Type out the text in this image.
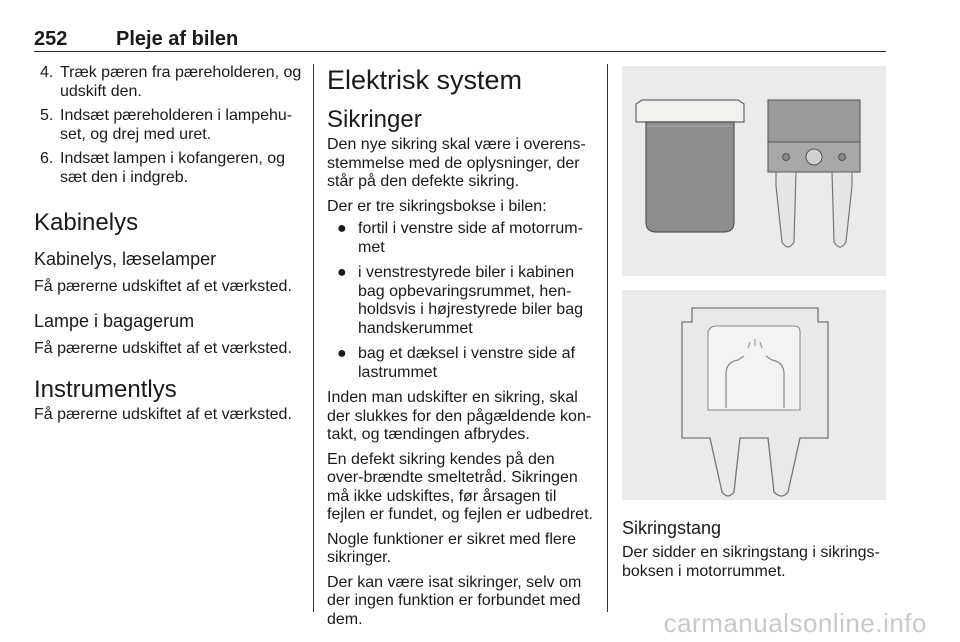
252 Pleje af bilen
4. Træk pæren fra pæreholderen, og udskift den.
5. Indsæt pæreholderen i lampehu-set, og drej med uret.
6. Indsæt lampen i kofangeren, og sæt den i indgreb.
Kabinelys
Kabinelys, læselamper

Få pærerne udskiftet af et værksted.

Lampe i bagagerum

Få pærerne udskiftet af et værksted.

Instrumentlys

Få pærerne udskiftet af et værksted.

Elektrisk system
Sikringer

Den nye sikring skal være i overens-stemmelse med de oplysninger, der står på den defekte sikring.

Der er tre sikringsbokse i bilen:

● fortil i venstre side af motorrum-met
● i venstrestyrede biler i kabinen bag opbevaringsrummet, hen-holdsvis i højrestyrede biler bag handskerummet
● bag et dæksel i venstre side af lastrummet

Inden man udskifter en sikring, skal der slukkes for den pågældende kon-takt, og tændingen afbrydes.

En defekt sikring kendes på den over-brændte smeltetråd. Sikringen må ikke udskiftes, før årsagen til fejlen er fundet, og fejlen er udbedret.

Nogle funktioner er sikret med flere sikringer.

Der kan være isat sikringer, selv om der ingen funktion er forbundet med dem.

Sikringstang

Der sidder en sikringstang i sikrings-boksen i motorrummet.

carmanualsonline.info
